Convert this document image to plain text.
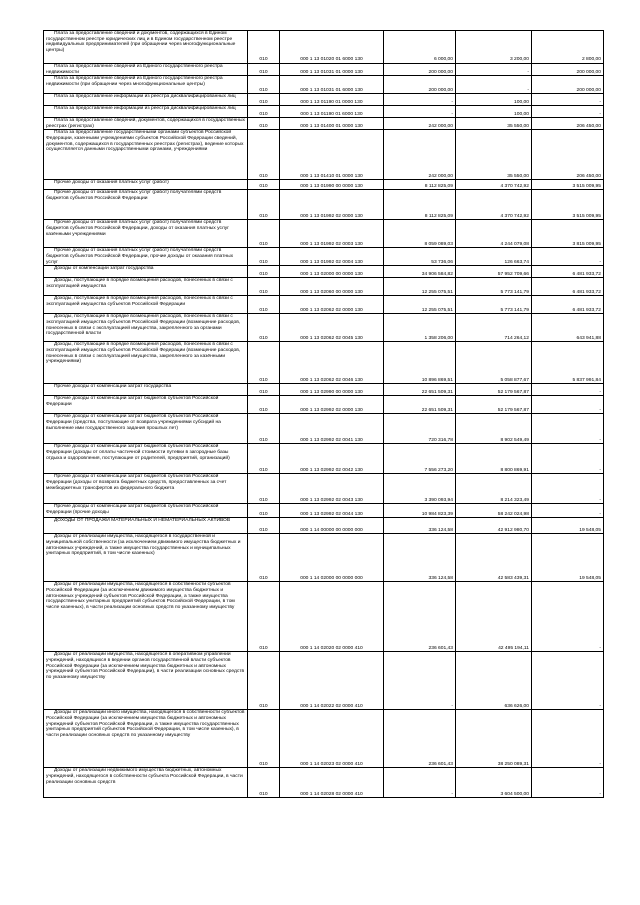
Плата за предоставление сведений и документов, содержащихся в Едином государственном реестре юридических лиц и в Едином государственном реестре индивидуальных предпринимателей (при обращении через многофункциональные центры)	010	000 1 13 01020 01 6000 130	6 000,00	3 200,00	2 800,00

Плата за предоставление сведений из Единого государственного реестра недвижимости	010	000 1 13 01031 01 0000 130	200 000,00	-	200 000,00

Плата за предоставление сведений из Единого государственного реестра недвижимости (при обращении через многофункциональные центры)	010	000 1 13 01031 01 6000 130	200 000,00	-	200 000,00

Плата за предоставление информации из реестра дисквалифицированных лиц	010	000 1 13 01190 01 0000 130	-	100,00	-

Плата за предоставление информации из реестра дисквалифицированных лиц	010	000 1 13 01190 01 6000 130	-	100,00	-

Плата за предоставление сведений, документов, содержащихся в государственных реестрах (регистрах)	010	000 1 13 01400 01 0000 130	242 000,00	35 550,00	206 450,00

Плата за предоставление государственными органами субъектов Российской Федерации, казенными учреждениями субъектов Российской Федерации сведений, документов, содержащихся в государственных реестрах (регистрах), ведение которых осуществляется данными государственными органами, учреждениями	010	000 1 13 01410 01 0000 130	242 000,00	35 550,00	206 450,00

Прочие доходы от оказания платных услуг (работ)	010	000 1 13 01990 00 0000 130	8 112 825,09	4 370 742,92	3 515 009,95

Прочие доходы от оказания платных услуг (работ) получателями средств бюджетов субъектов Российской Федерации	010	000 1 13 01992 02 0000 130	8 112 825,09	4 370 742,92	3 515 009,95

Прочие доходы от оказания платных услуг (работ) получателями средств бюджетов субъектов Российской Федерации, доходы от оказания платных услуг казёнными учреждениями	010	000 1 13 01992 02 0003 130	8 059 089,03	4 244 079,08	3 815 009,95

Прочие доходы от оказания платных услуг (работ) получателями средств бюджетов субъектов Российской Федерации, прочие доходы от оказания платных услуг	010	000 1 13 01992 02 0004 130	53 736,06	126 663,74	-

Доходы от компенсации затрат государства	010	000 1 13 02000 00 0000 130	34 906 584,82	57 952 709,66	6 481 933,72

Доходы, поступающие в порядке возмещения расходов, понесенных в связи с эксплуатацией имущества	010	000 1 13 02060 00 0000 130	12 255 075,51	5 773 141,79	6 481 933,72

Доходы, поступающие в порядке возмещения расходов, понесенных в связи с эксплуатацией имущества субъектов Российской Федерации	010	000 1 13 02062 02 0000 130	12 255 075,51	5 773 141,79	6 481 933,72

Доходы, поступающие в порядке возмещения расходов, понесенных в связи с эксплуатацией имущества субъектов Российской Федерации (возмещение расходов, понесенных в связи с эксплуатацией имущества, закрепленного за органами государственной власти	010	000 1 13 02062 02 0045 130	1 358 206,00	714 264,12	643 941,88

Доходы, поступающие в порядке возмещения расходов, понесенных в связи с эксплуатацией имущества субъектов Российской Федерации (возмещение расходов, понесенных в связи с эксплуатацией имущества, закрепленного за казёнными учреждениями)	010	000 1 13 02062 02 0046 130	10 896 869,51	5 058 877,67	5 837 991,84

Прочие доходы от компенсации затрат государства	010	000 1 13 02990 00 0000 130	22 651 509,31	52 179 567,87	-

Прочие доходы от компенсации затрат бюджетов субъектов Российской Федерации	010	000 1 13 02992 02 0000 130	22 651 509,31	52 179 567,87	-

Прочие доходы от компенсации затрат бюджетов субъектов Российской Федерации (средства, поступающие от возврата учреждениями субсидий на выполнение ими государственного задания прошлых лет)	010	000 1 13 02992 02 0041 130	720 316,78	8 902 549,49	-

Прочие доходы от компенсации затрат бюджетов субъектов Российской Федерации (доходы от оплаты частичной стоимости путевки в загородные базы отдыха и оздоровления, поступающие от родителей, предприятий, организаций)	010	000 1 13 02992 02 0042 130	7 556 273,20	8 800 869,91	-

Прочие доходы от компенсации затрат бюджетов субъектов Российской Федерации (доходы от возврата бюджетных средств, предоставленных за счет межбюджетных трансфертов из федерального бюджета	010	000 1 13 02992 02 0043 130	3 390 093,94	8 214 323,49	-

Прочие доходы от компенсации затрат бюджетов субъектов Российской Федерации (прочие доходы	010	000 1 13 02992 02 0044 130	10 984 823,39	58 242 024,98	-

ДОХОДЫ ОТ ПРОДАЖИ МАТЕРИАЛЬНЫХ И НЕМАТЕРИАЛЬНЫХ АКТИВОВ	010	000 1 14 00000 00 0000 000	336 124,58	42 912 980,70	19 548,05

Доходы от реализации имущества, находящегося в государственной и муниципальной собственности (за исключением движимого имущества бюджетных и автономных учреждений, а также имущества государственных и муниципальных унитарных предприятий, в том числе казенных)	010	000 1 14 02000 00 0000 000	336 124,58	42 583 439,31	19 548,05

Доходы от реализации имущества, находящегося в собственности субъектов Российской Федерации (за исключением движимого имущества бюджетных и автономных учреждений субъектов Российской Федерации, а также имущества государственных унитарных предприятий субъектов Российской Федерации, в том числе казенных), в части реализации основных средств по указанному имуществу	010	000 1 14 02020 02 0000 410	236 601,43	42 495 194,11	-

Доходы от реализации имущества, находящегося в оперативном управлении учреждений, находящихся в ведении органов государственной власти субъектов Российской Федерации (за исключением имущества бюджетных и автономных учреждений субъектов Российской Федерации), в части реализации основных средств по указанному имуществу	010	000 1 14 02022 02 0000 410	-	636 626,00	-

Доходы от реализации иного имущества, находящегося в собственности субъектов Российской Федерации (за исключением имущества бюджетных и автономных учреждений субъектов Российской Федерации, а также имущества государственных унитарных предприятий субъектов Российской Федерации, в том числе казенных), в части реализации основных средств по указанному имуществу	010	000 1 14 02023 02 0000 410	236 601,43	38 250 089,31	-

Доходы от реализации недвижимого имущества бюджетных, автономных учреждений, находящегося в собственности субъекта Российской Федерации, в части реализации основных средств	010	000 1 14 02028 02 0000 410	-	3 604 500,00	-
